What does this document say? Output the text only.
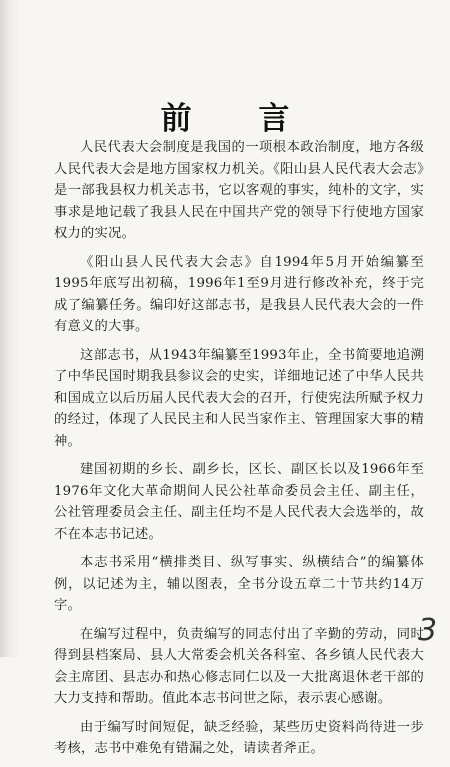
前 言

人民代表大会制度是我国的一项根本政治制度，地方各级人民代表大会是地方国家权力机关。《阳山县人民代表大会志》是一部我县权力机关志书，它以客观的事实，纯朴的文字，实事求是地记载了我县人民在中国共产党的领导下行使地方国家权力的实况。

《阳山县人民代表大会志》自1994年5月开始编纂至1995年底写出初稿，1996年1至9月进行修改补充，终于完成了编纂任务。编印好这部志书，是我县人民代表大会的一件有意义的大事。

这部志书，从1943年编纂至1993年止，全书简要地追溯了中华民国时期我县参议会的史实，详细地记述了中华人民共和国成立以后历届人民代表大会的召开，行使宪法所赋予权力的经过，体现了人民民主和人民当家作主、管理国家大事的精神。

建国初期的乡长、副乡长，区长、副区长以及1966年至1976年文化大革命期间人民公社革命委员会主任、副主任，公社管理委员会主任、副主任均不是人民代表大会选举的，故不在本志书记述。

本志书采用“横排类目、纵写事实、纵横结合”的编纂体例，以记述为主，辅以图表，全书分设五章二十节共约14万字。

在编写过程中，负责编写的同志付出了辛勤的劳动，同时得到县档案局、县人大常委会机关各科室、各乡镇人民代表大会主席团、县志办和热心修志同仁以及一大批离退休老干部的大力支持和帮助。值此本志书问世之际，表示衷心感谢。

由于编写时间短促，缺乏经验，某些历史资料尚待进一步考核，志书中难免有错漏之处，请读者斧正。

3
